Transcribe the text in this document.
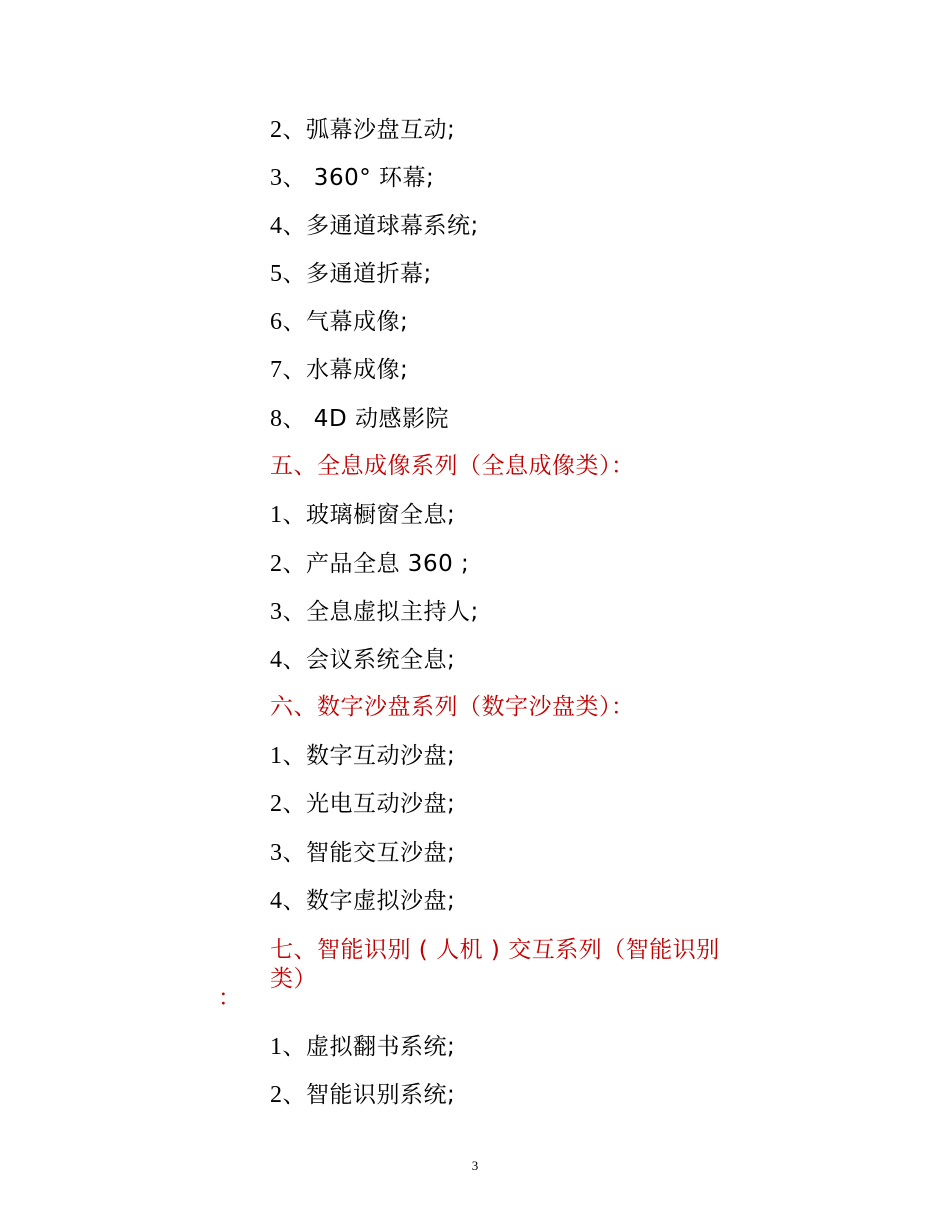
2、弧幕沙盘互动;
3、 360° 环幕;
4、多通道球幕系统;
5、多通道折幕;
6、气幕成像;
7、水幕成像;
8、 4D 动感影院
五、全息成像系列（全息成像类）：
1、玻璃橱窗全息;
2、产品全息 360 ;
3、全息虚拟主持人;
4、会议系统全息;
六、数字沙盘系列（数字沙盘类）：
1、数字互动沙盘;
2、光电互动沙盘;
3、智能交互沙盘;
4、数字虚拟沙盘;
七、智能识别 ( 人机 ) 交互系列（智能识别类）
：
1、虚拟翻书系统;
2、智能识别系统;
3
